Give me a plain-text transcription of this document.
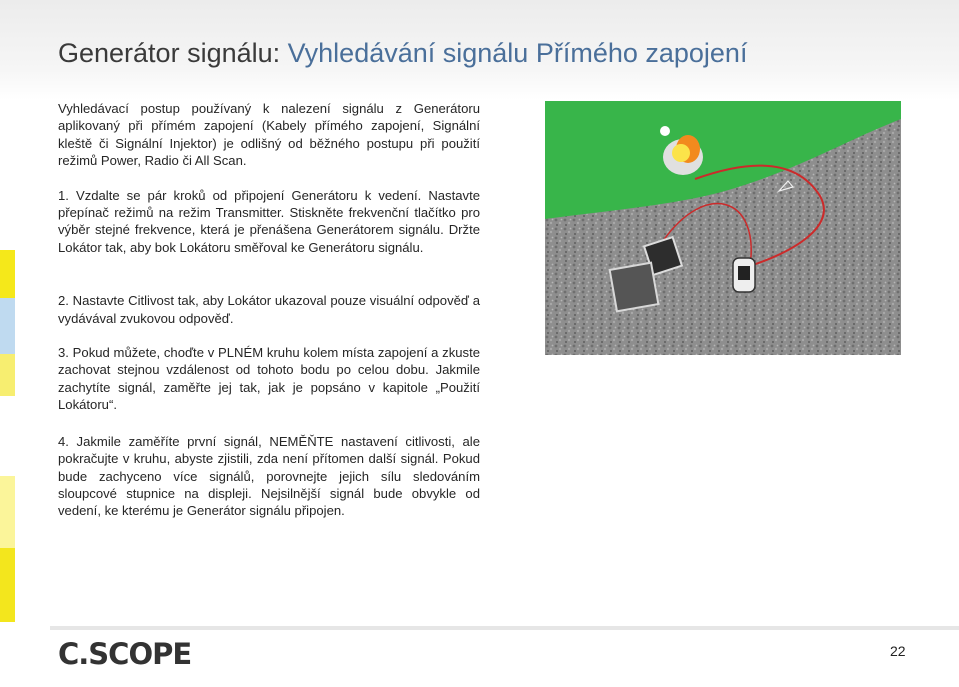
Generátor signálu: Vyhledávání signálu Přímého zapojení

Vyhledávací postup používaný k nalezení signálu z Generátoru aplikovaný při přímém zapojení (Kabely přímého zapojení, Signální kleště či Signální Injektor) je odlišný od běžného postupu při použití režimů Power, Radio či All Scan.

1. Vzdalte se pár kroků od připojení Generátoru k vedení. Nastavte přepínač režimů na režim Transmitter. Stiskněte frekvenční tlačítko pro výběr stejné frekvence, která je přenášena Generátorem signálu. Držte Lokátor tak, aby bok Lokátoru směřoval ke Generátoru signálu.

2. Nastavte Citlivost tak, aby Lokátor ukazoval pouze visuální odpověď a vydávával zvukovou odpověď.

3. Pokud můžete, choďte v PLNÉM kruhu kolem místa zapojení a zkuste zachovat stejnou vzdálenost od tohoto bodu po celou dobu. Jakmile zachytíte signál, zaměřte jej tak, jak je popsáno v kapitole „Použití Lokátoru“.

4. Jakmile zaměříte první signál, NEMĚŇTE nastavení citlivosti, ale pokračujte v kruhu, abyste zjistili, zda není přítomen další signál. Pokud bude zachyceno více signálů, porovnejte jejich sílu sledováním sloupcové stupnice na displeji. Nejsilnější signál bude obvykle od vedení, ke kterému je Generátor signálu připojen.

C.SCOPE	22
